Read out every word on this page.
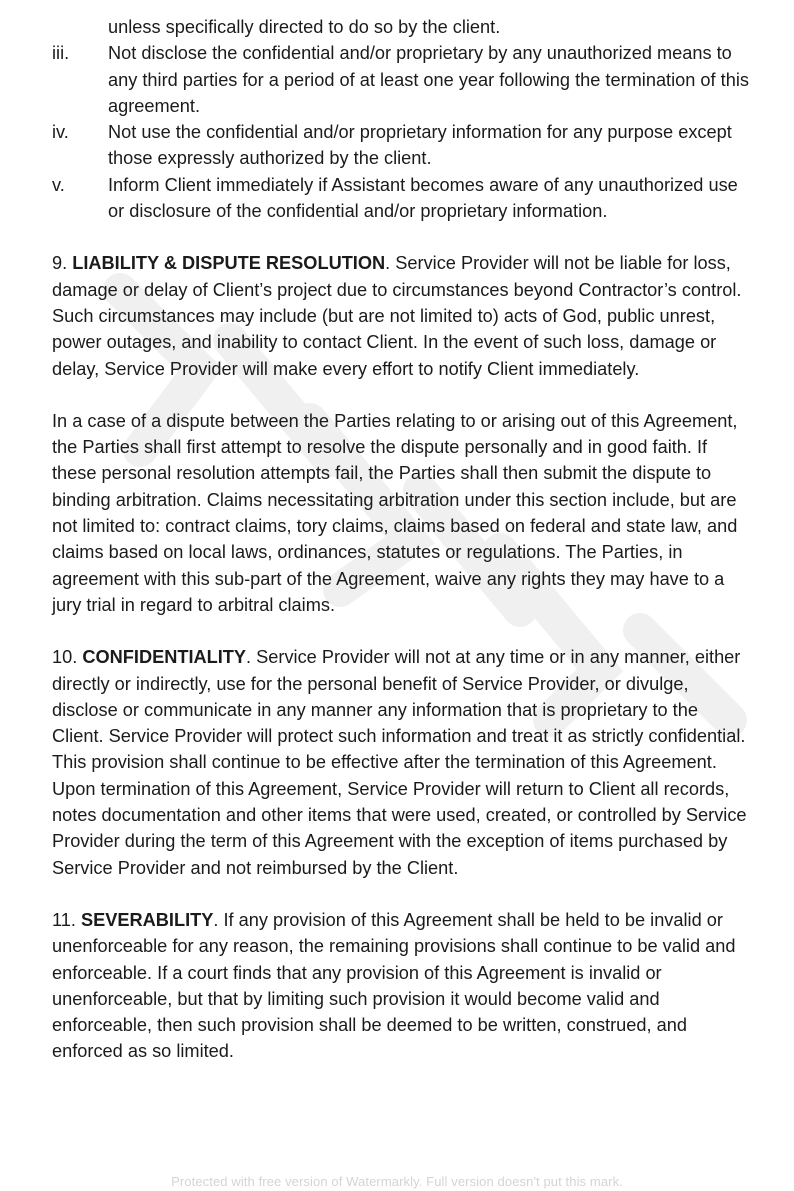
unless specifically directed to do so by the client.
iii.	Not disclose the confidential and/or proprietary by any unauthorized means to any third parties for a period of at least one year following the termination of this agreement.
iv.	Not use the confidential and/or proprietary information for any purpose except those expressly authorized by the client.
v.	Inform Client immediately if Assistant becomes aware of any unauthorized use or disclosure of the confidential and/or proprietary information.

9. LIABILITY & DISPUTE RESOLUTION. Service Provider will not be liable for loss, damage or delay of Client’s project due to circumstances beyond Contractor’s control. Such circumstances may include (but are not limited to) acts of God, public unrest, power outages, and inability to contact Client. In the event of such loss, damage or delay, Service Provider will make every effort to notify Client immediately.

In a case of a dispute between the Parties relating to or arising out of this Agreement, the Parties shall first attempt to resolve the dispute personally and in good faith. If these personal resolution attempts fail, the Parties shall then submit the dispute to binding arbitration. Claims necessitating arbitration under this section include, but are not limited to: contract claims, tory claims, claims based on federal and state law, and claims based on local laws, ordinances, statutes or regulations. The Parties, in agreement with this sub-part of the Agreement, waive any rights they may have to a jury trial in regard to arbitral claims.

10. CONFIDENTIALITY. Service Provider will not at any time or in any manner, either directly or indirectly, use for the personal benefit of Service Provider, or divulge, disclose or communicate in any manner any information that is proprietary to the Client. Service Provider will protect such information and treat it as strictly confidential. This provision shall continue to be effective after the termination of this Agreement. Upon termination of this Agreement, Service Provider will return to Client all records, notes documentation and other items that were used, created, or controlled by Service Provider during the term of this Agreement with the exception of items purchased by Service Provider and not reimbursed by the Client.

11. SEVERABILITY. If any provision of this Agreement shall be held to be invalid or unenforceable for any reason, the remaining provisions shall continue to be valid and enforceable. If a court finds that any provision of this Agreement is invalid or unenforceable, but that by limiting such provision it would become valid and enforceable, then such provision shall be deemed to be written, construed, and enforced as so limited.

Protected with free version of Watermarkly. Full version doesn't put this mark.
